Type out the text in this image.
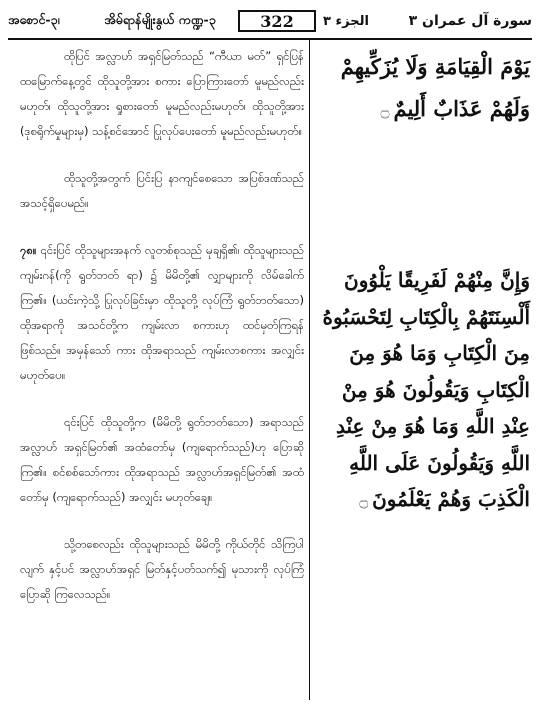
အစောင်-၃၊	အိမ်ရာန်မျိုးနွယ် ကဏ္ဍ-၃	322	الجزء ٣	سورة آل عمران ٣

ထိုပြင် အလ္လာဟ် အရှင်မြတ်သည် “ကီယာ မတ်” ရှင်ပြန် ထမြောက်နေ့တွင် ထိုသူတို့အား စကား ပြောကြားတော် မူမည်လည်းမဟုတ်၊ ထိုသူတို့အား ရှုစားတော် မူမည်လည်းမဟုတ်၊ ထိုသူတို့အား (ဒုစရိုက်မှုများမှ) သန့်စင်အောင် ပြုလုပ်ပေးတော် မူမည်လည်းမဟုတ်။

ထိုသူတို့အတွက် ပြင်းပြ နာကျင်စေသော အပြစ်ဒဏ်သည် အသင့်ရှိပေမည်။

၇၈။ ၎င်းပြင် ထိုသူများအနက် လူတစ်စုသည် မုချရှိ၏၊ ထိုသူများသည် ကျမ်းဂန်(ကို ရွတ်ဘတ် ရာ) ၌ မိမိတို့၏ လျှာများကို လိမ်ခေါက်ကြ၏။ (ယင်းကဲ့သို့ ပြုလုပ်ခြင်းမှာ ထိုသူတို့ လုပ်ကြံ ရွတ်ဘတ်သော) ထိုအရာကို အသင်တို့က ကျမ်းလာ စကားဟု ထင်မှတ်ကြရန် ဖြစ်သည်။ အမှန်သော် ကား ထိုအရာသည် ကျမ်းလာစကား အလျှင်း မဟုတ်ပေ။

၎င်းပြင် ထိုသူတို့က (မိမိတို့ ရွတ်ဘတ်သော) အရာသည် အလ္လာဟ် အရှင်မြတ်၏ အထံတော်မှ (ကျရောက်သည်)ဟု ပြောဆိုကြ၏။ စင်စစ်သော်ကား ထိုအရာသည် အလ္လာဟ်အရှင်မြတ်၏ အထံတော်မှ (ကျရောက်သည်) အလျှင်း မဟုတ်ချေ။

သို့တစေလည်း ထိုသူများသည် မိမိတို့ ကိုယ်တိုင် သိကြပါလျက် နှင့်ပင် အလ္လာဟ်အရှင် မြတ်နှင့်ပတ်သက်၍ မုသားကို လုပ်ကြံ ပြောဆို ကြလေသည်။

يَوْمَ الْقِيَامَةِ وَلَا يُزَكِّيهِمْ

وَلَهُمْ عَذَابٌ أَلِيمٌ۝

وَإِنَّ مِنْهُمْ لَفَرِيقًا يَلْوُونَ

أَلْسِنَتَهُمْ بِالْكِتَابِ لِتَحْسَبُوهُ

مِنَ الْكِتَابِ وَمَا هُوَ مِنَ

الْكِتَابِ وَيَقُولُونَ هُوَ مِنْ

عِنْدِ اللَّهِ وَمَا هُوَ مِنْ عِنْدِ

اللَّهِ وَيَقُولُونَ عَلَى اللَّهِ

الْكَذِبَ وَهُمْ يَعْلَمُونَ۝
